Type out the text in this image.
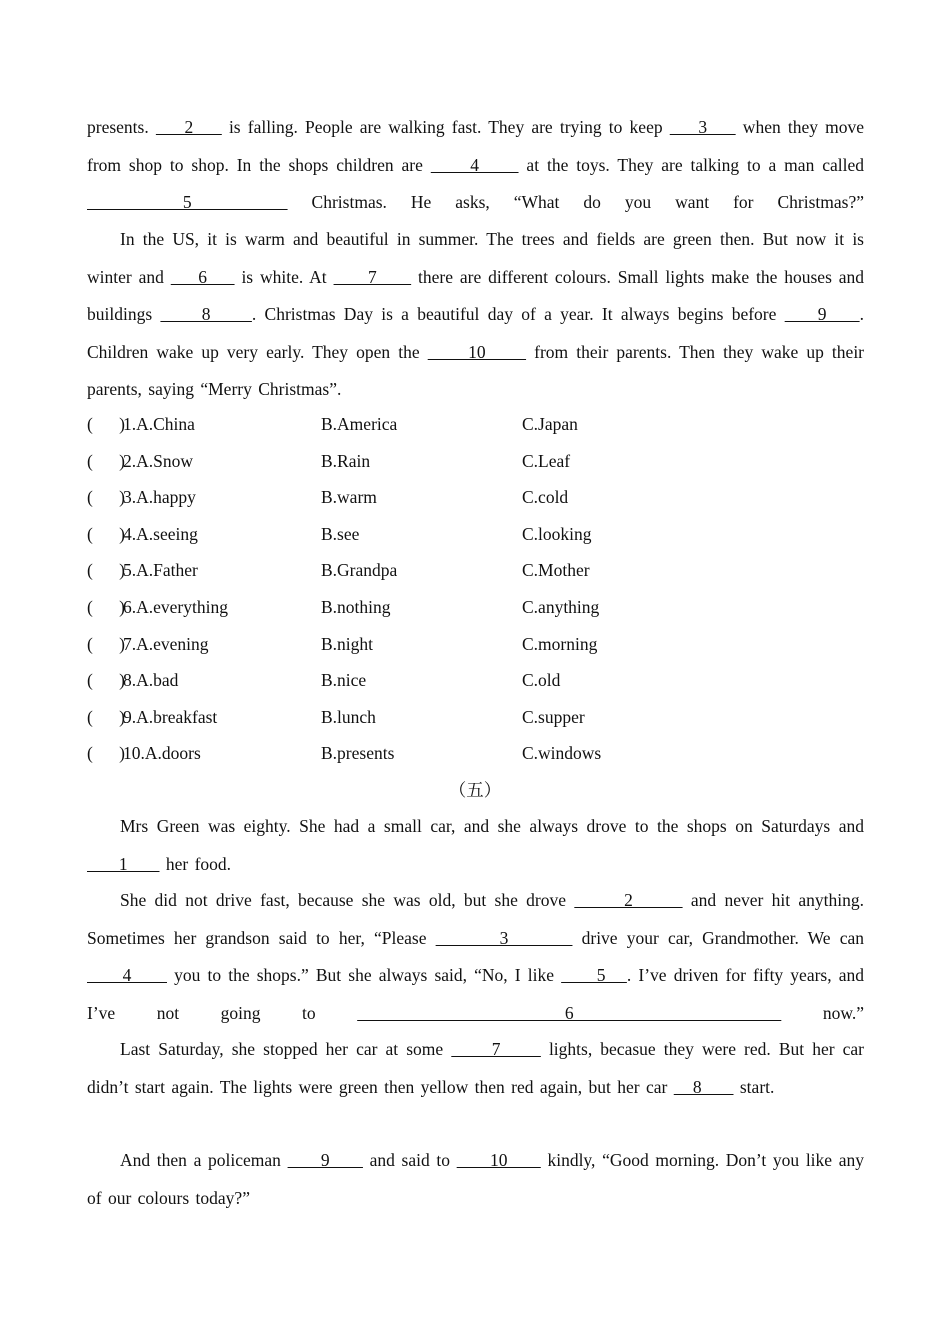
presents.     2     is falling. People are walking fast. They are trying to keep     3     when they move from shop to shop. In the shops children are      4      at the toys. They are talking to a man called     5     Christmas. He asks, “What do you want for Christmas?”
In the US, it is warm and beautiful in summer. The trees and fields are green then. But now it is winter and     6     is white. At      7      there are different colours. Small lights make the houses and buildings      8     . Christmas Day is a beautiful day of a year. It always begins before     9    . Children wake up very early. They open the      10      from their parents. Then they wake up their parents, saying “Merry Christmas”.
(      )
1.A.China	B.America	C.Japan
(      )
2.A.Snow	B.Rain	C.Leaf
(      )
3.A.happy	B.warm	C.cold
(      )
4.A.seeing	B.see	C.looking
(      )
5.A.Father	B.Grandpa	C.Mother
(      )
6.A.everything	B.nothing	C.anything
(      )
7.A.evening	B.night	C.morning
(      )
8.A.bad	B.nice	C.old
(      )
9.A.breakfast	B.lunch	C.supper
(      )
10.A.doors	B.presents	C.windows
（五）
Mrs Green was eighty. She had a small car, and she always drove to the shops on Saturdays and      1      her food.
She did not drive fast, because she was old, but she drove       2       and never hit anything. Sometimes her grandson said to her, “Please        3        drive your car, Grandmother. We can      4      you to the shops.” But she always said, “No, I like      5   . I’ve driven for fifty years, and I’ve not going to      6      now.”
Last Saturday, she stopped her car at some      7      lights, becasue they were red. But her car didn’t start again. The lights were green then yellow then red again, but her car    8      start.
And then a policeman      9      and said to      10      kindly, “Good morning. Don’t you like any of our colours today?”
